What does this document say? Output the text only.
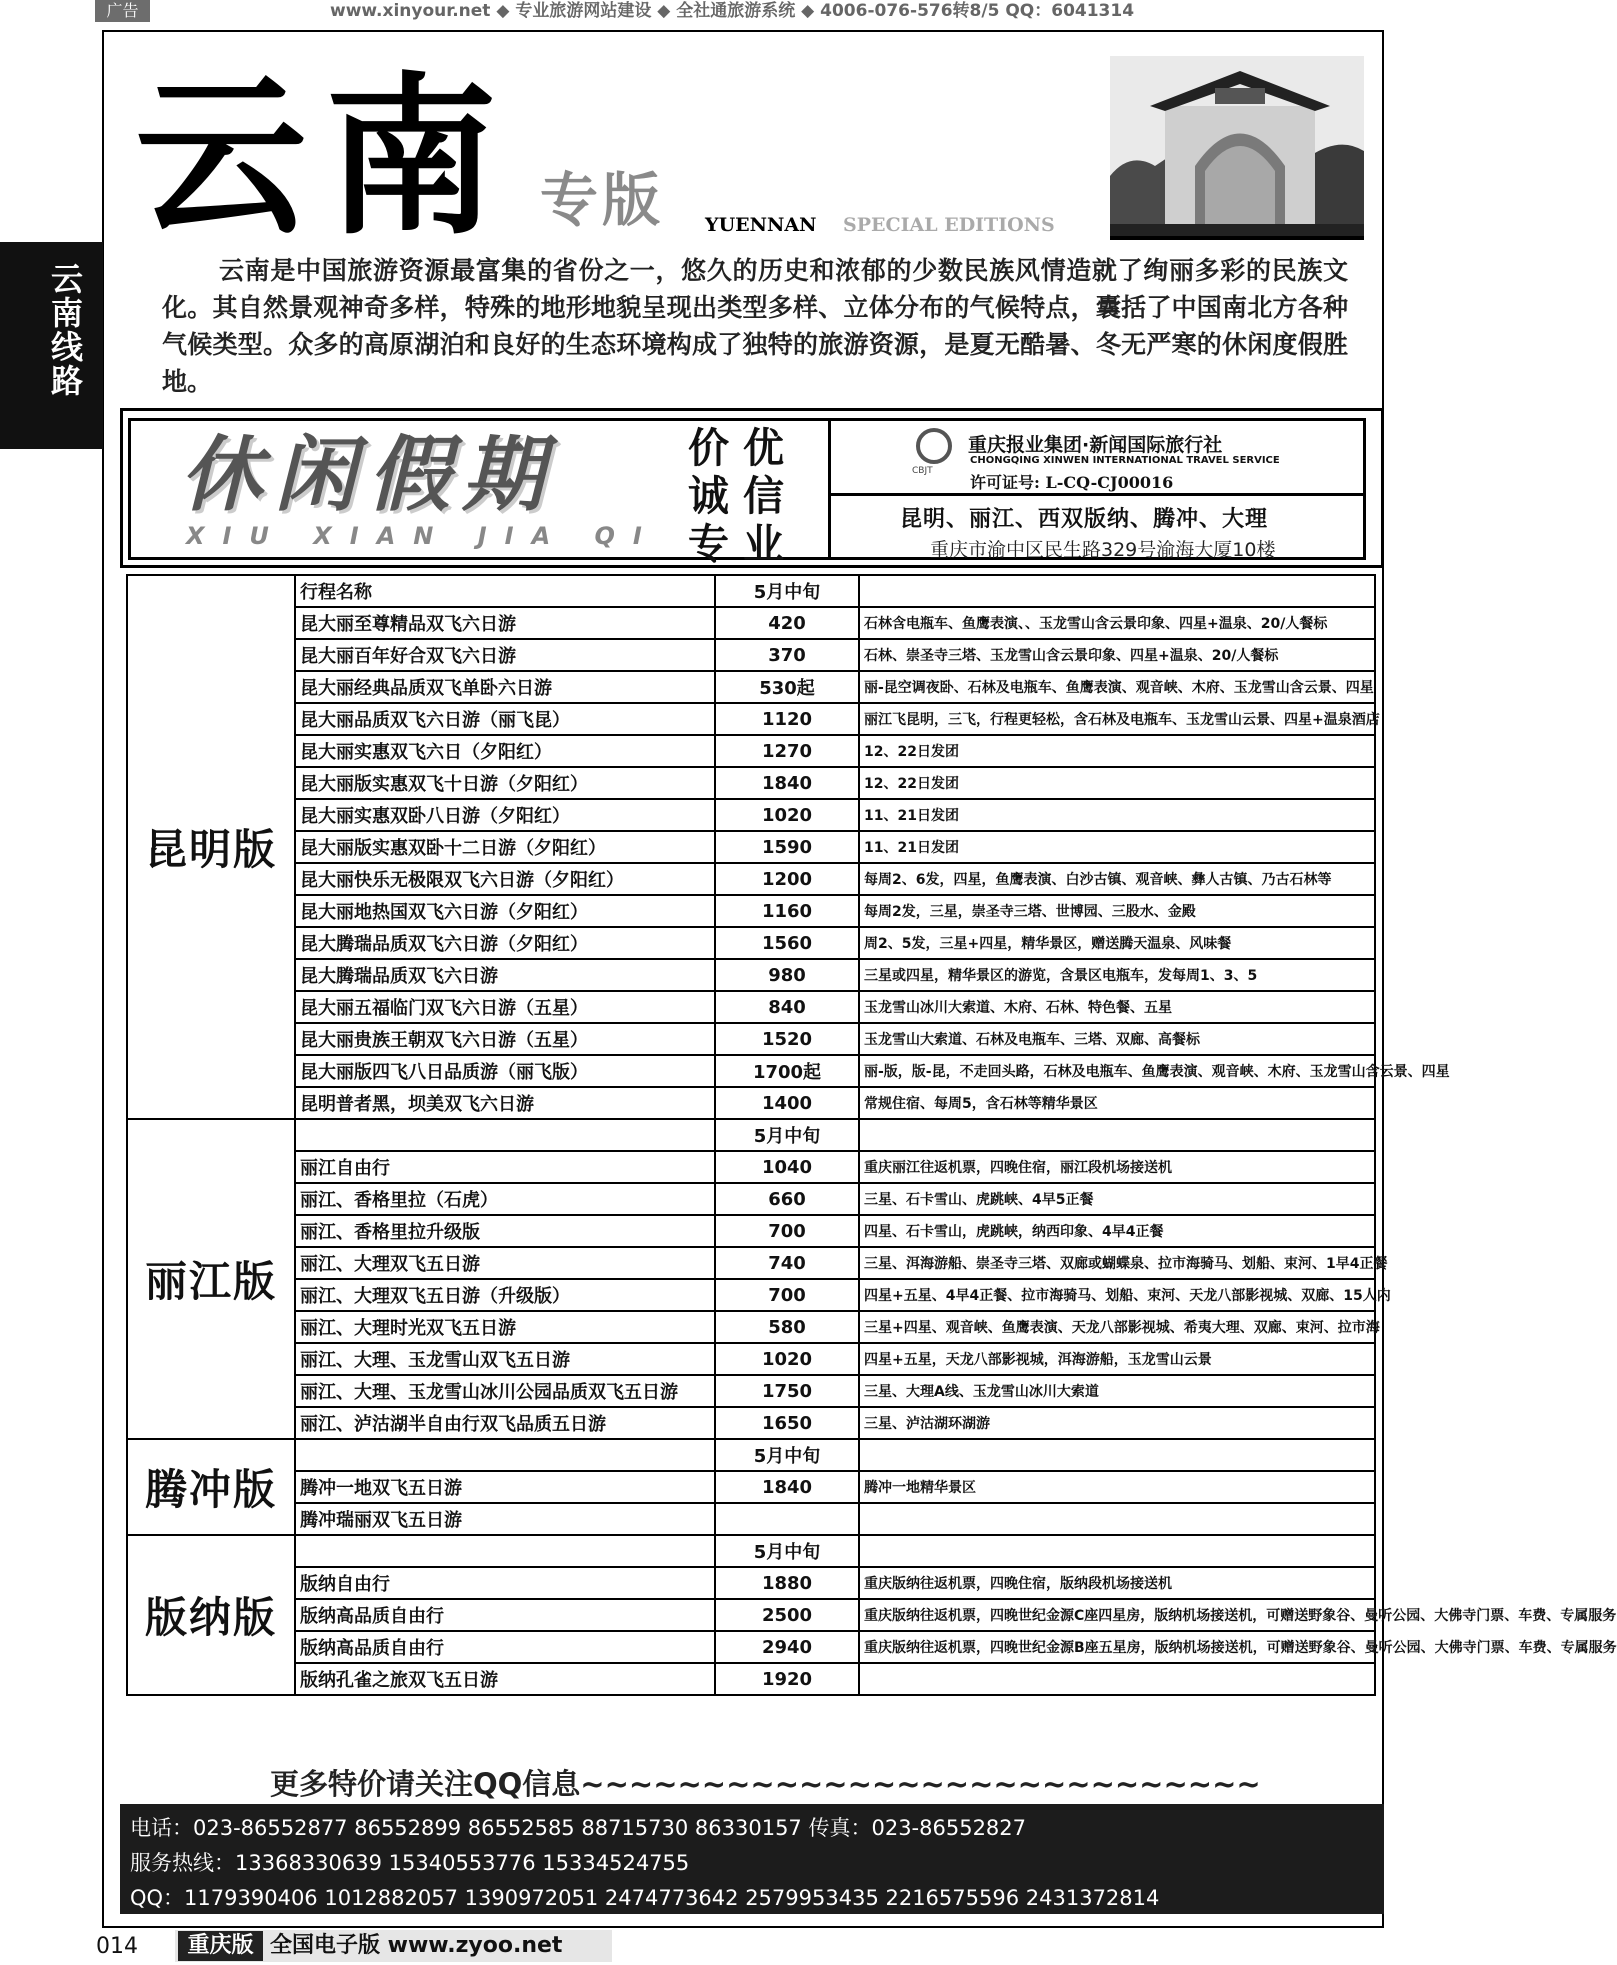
广告	www.xinyour.net ◆ 专业旅游网站建设 ◆ 全社通旅游系统 ◆ 4006-076-576转8/5 QQ：6041314
云南线路
云南 专版 YUENNAN SPECIAL EDITIONS
云南是中国旅游资源最富集的省份之一，悠久的历史和浓郁的少数民族风情造就了绚丽多彩的民族文化。其自然景观神奇多样，特殊的地形地貌呈现出类型多样、立体分布的气候特点，囊括了中国南北方各种气候类型。众多的高原湖泊和良好的生态环境构成了独特的旅游资源，是夏无酷暑、冬无严寒的休闲度假胜地。
休闲假期
XIU XIAN JIA QI
价优诚信专业
CBJT
重庆报业集团·新闻国际旅行社
CHONGQING XINWEN INTERNATIONAL TRAVEL SERVICE
许可证号: L-CQ-CJ00016
昆明、丽江、西双版纳、腾冲、大理
重庆市渝中区民生路329号渝海大厦10楼
昆明版	行程名称	5月中旬	
	昆大丽至尊精品双飞六日游	420	石林含电瓶车、鱼鹰表演、、玉龙雪山含云景印象、四星+温泉、20/人餐标
	昆大丽百年好合双飞六日游	370	石林、崇圣寺三塔、玉龙雪山含云景印象、四星+温泉、20/人餐标
	昆大丽经典品质双飞单卧六日游	530起	丽-昆空调夜卧、石林及电瓶车、鱼鹰表演、观音峡、木府、玉龙雪山含云景、四星
	昆大丽品质双飞六日游（丽飞昆）	1120	丽江飞昆明，三飞，行程更轻松，含石林及电瓶车、玉龙雪山云景、四星+温泉酒店
	昆大丽实惠双飞六日（夕阳红）	1270	12、22日发团
	昆大丽版实惠双飞十日游（夕阳红）	1840	12、22日发团
	昆大丽实惠双卧八日游（夕阳红）	1020	11、21日发团
	昆大丽版实惠双卧十二日游（夕阳红）	1590	11、21日发团
	昆大丽快乐无极限双飞六日游（夕阳红）	1200	每周2、6发，四星，鱼鹰表演、白沙古镇、观音峡、彝人古镇、乃古石林等
	昆大丽地热国双飞六日游（夕阳红）	1160	每周2发，三星，崇圣寺三塔、世博园、三股水、金殿
	昆大腾瑞品质双飞六日游（夕阳红）	1560	周2、5发，三星+四星，精华景区，赠送腾天温泉、风味餐
	昆大腾瑞品质双飞六日游	980	三星或四星，精华景区的游览，含景区电瓶车，发每周1、3、5
	昆大丽五福临门双飞六日游（五星）	840	玉龙雪山冰川大索道、木府、石林、特色餐、五星
	昆大丽贵族王朝双飞六日游（五星）	1520	玉龙雪山大索道、石林及电瓶车、三塔、双廊、高餐标
	昆大丽版四飞八日品质游（丽飞版）	1700起	丽-版，版-昆，不走回头路，石林及电瓶车、鱼鹰表演、观音峡、木府、玉龙雪山含云景、四星
	昆明普者黑，坝美双飞六日游	1400	常规住宿、每周5，含石林等精华景区
丽江版		5月中旬	
	丽江自由行	1040	重庆丽江往返机票，四晚住宿，丽江段机场接送机
	丽江、香格里拉（石虎）	660	三星、石卡雪山、虎跳峡、4早5正餐
	丽江、香格里拉升级版	700	四星、石卡雪山，虎跳峡，纳西印象、4早4正餐
	丽江、大理双飞五日游	740	三星、洱海游船、崇圣寺三塔、双廊或蝴蝶泉、拉市海骑马、划船、束河、1早4正餐
	丽江、大理双飞五日游（升级版）	700	四星+五星、4早4正餐、拉市海骑马、划船、束河、天龙八部影视城、双廊、15人内
	丽江、大理时光双飞五日游	580	三星+四星、观音峡、鱼鹰表演、天龙八部影视城、希夷大理、双廊、束河、拉市海
	丽江、大理、玉龙雪山双飞五日游	1020	四星+五星，天龙八部影视城，洱海游船，玉龙雪山云景
	丽江、大理、玉龙雪山冰川公园品质双飞五日游	1750	三星、大理A线、玉龙雪山冰川大索道
	丽江、泸沽湖半自由行双飞品质五日游	1650	三星、泸沽湖环湖游
腾冲版		5月中旬	
	腾冲一地双飞五日游	1840	腾冲一地精华景区
	腾冲瑞丽双飞五日游		
版纳版		5月中旬	
	版纳自由行	1880	重庆版纳往返机票，四晚住宿，版纳段机场接送机
	版纳高品质自由行	2500	重庆版纳往返机票，四晚世纪金源C座四星房，版纳机场接送机，可赠送野象谷、曼听公园、大佛寺门票、车费、专属服务
	版纳高品质自由行	2940	重庆版纳往返机票，四晚世纪金源B座五星房，版纳机场接送机，可赠送野象谷、曼听公园、大佛寺门票、车费、专属服务
	版纳孔雀之旅双飞五日游	1920	
更多特价请关注QQ信息~~~~~~~~~~~~~~~~~~~~~~~~~~~~
电话：023-86552877 86552899 86552585 88715730 86330157 传真：023-86552827
服务热线：13368330639 15340553776 15334524755
QQ：1179390406 1012882057 1390972051 2474773642 2579953435 2216575596 2431372814
014	重庆版 全国电子版 www.zyoo.net
